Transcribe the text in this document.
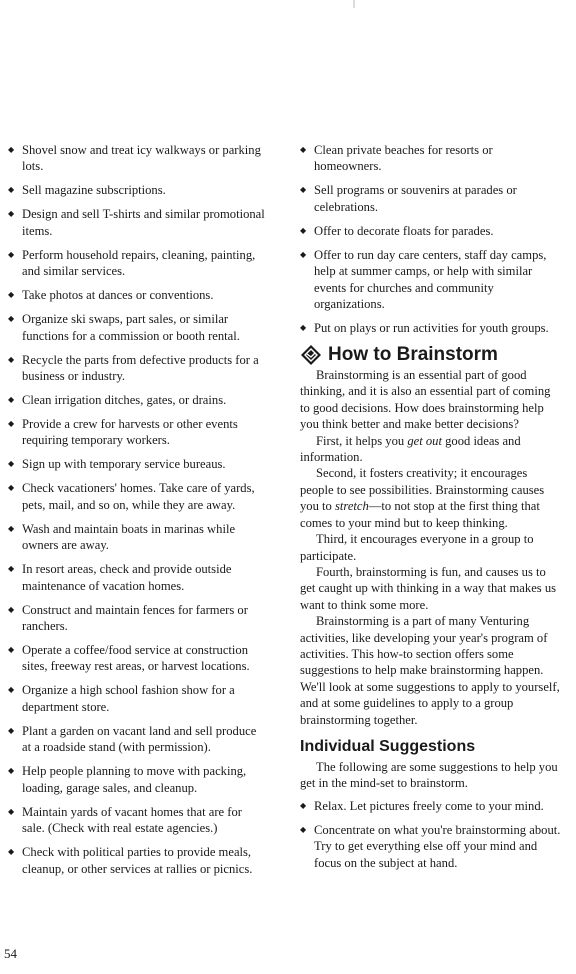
◆ Shovel snow and treat icy walkways or parking lots.
◆ Sell magazine subscriptions.
◆ Design and sell T-shirts and similar promotional items.
◆ Perform household repairs, cleaning, painting, and similar services.
◆ Take photos at dances or conventions.
◆ Organize ski swaps, part sales, or similar functions for a commission or booth rental.
◆ Recycle the parts from defective products for a business or industry.
◆ Clean irrigation ditches, gates, or drains.
◆ Provide a crew for harvests or other events requiring temporary workers.
◆ Sign up with temporary service bureaus.
◆ Check vacationers' homes. Take care of yards, pets, mail, and so on, while they are away.
◆ Wash and maintain boats in marinas while owners are away.
◆ In resort areas, check and provide outside maintenance of vacation homes.
◆ Construct and maintain fences for farmers or ranchers.
◆ Operate a coffee/food service at construction sites, freeway rest areas, or harvest locations.
◆ Organize a high school fashion show for a department store.
◆ Plant a garden on vacant land and sell produce at a roadside stand (with permission).
◆ Help people planning to move with packing, loading, garage sales, and cleanup.
◆ Maintain yards of vacant homes that are for sale. (Check with real estate agencies.)
◆ Check with political parties to provide meals, cleanup, or other services at rallies or picnics.
◆ Clean private beaches for resorts or homeowners.
◆ Sell programs or souvenirs at parades or celebrations.
◆ Offer to decorate floats for parades.
◆ Offer to run day care centers, staff day camps, help at summer camps, or help with similar events for churches and community organizations.
◆ Put on plays or run activities for youth groups.
How to Brainstorm

Brainstorming is an essential part of good thinking, and it is also an essential part of coming to good decisions. How does brainstorming help you think better and make better decisions?

First, it helps you get out good ideas and information.

Second, it fosters creativity; it encourages people to see possibilities. Brainstorming causes you to stretch—to not stop at the first thing that comes to your mind but to keep thinking.

Third, it encourages everyone in a group to participate.

Fourth, brainstorming is fun, and causes us to get caught up with thinking in a way that makes us want to think some more.

Brainstorming is a part of many Venturing activities, like developing your year's program of activities. This how-to section offers some suggestions to help make brainstorming happen. We'll look at some suggestions to apply to yourself, and at some guidelines to apply to a group brainstorming together.

Individual Suggestions

The following are some suggestions to help you get in the mind-set to brainstorm.

◆ Relax. Let pictures freely come to your mind.
◆ Concentrate on what you're brainstorming about. Try to get everything else off your mind and focus on the subject at hand.
54
